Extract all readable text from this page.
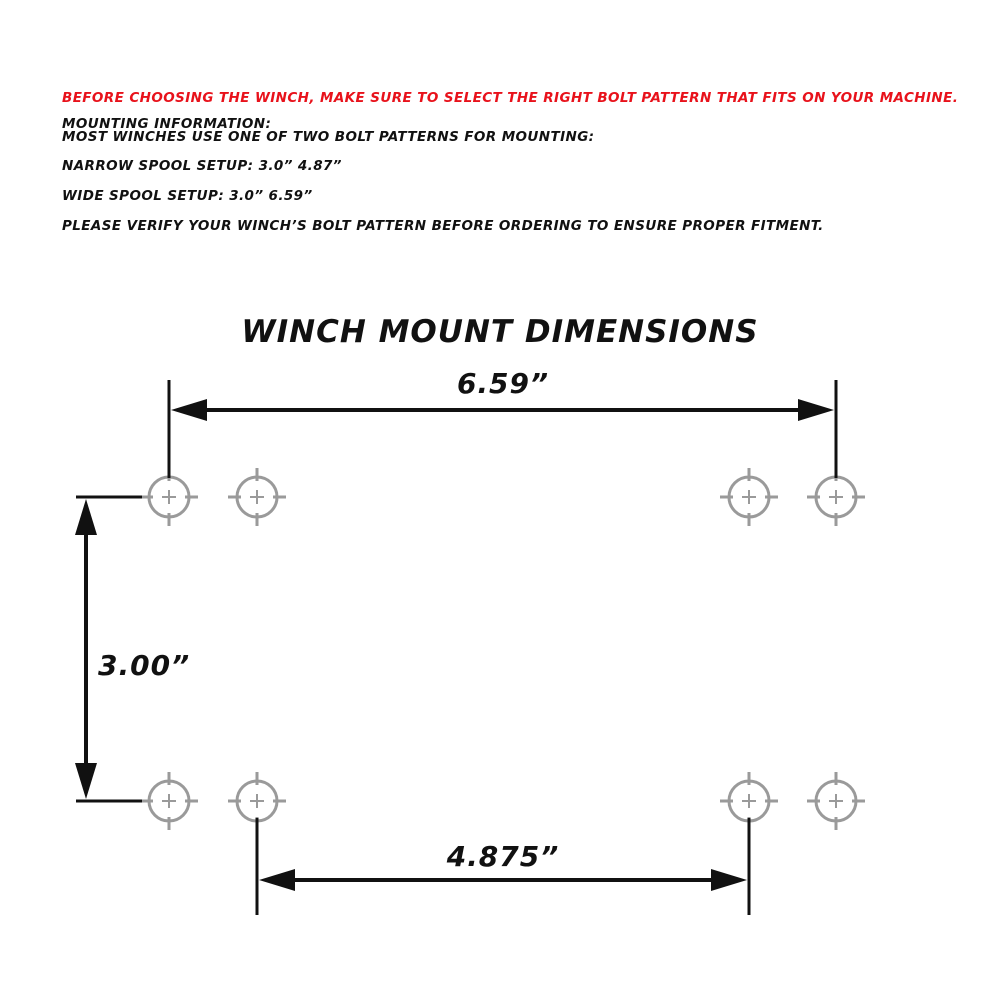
BEFORE CHOOSING THE WINCH, MAKE SURE TO SELECT THE RIGHT BOLT PATTERN THAT FITS ON YOUR MACHINE.

MOUNTING INFORMATION:

MOST WINCHES USE ONE OF TWO BOLT PATTERNS FOR MOUNTING:

NARROW SPOOL SETUP: 3.0” 4.87”

WIDE SPOOL SETUP: 3.0” 6.59”

PLEASE VERIFY YOUR WINCH’S BOLT PATTERN BEFORE ORDERING TO ENSURE PROPER FITMENT.

WINCH MOUNT DIMENSIONS
6.59”
3.00”
4.875”
